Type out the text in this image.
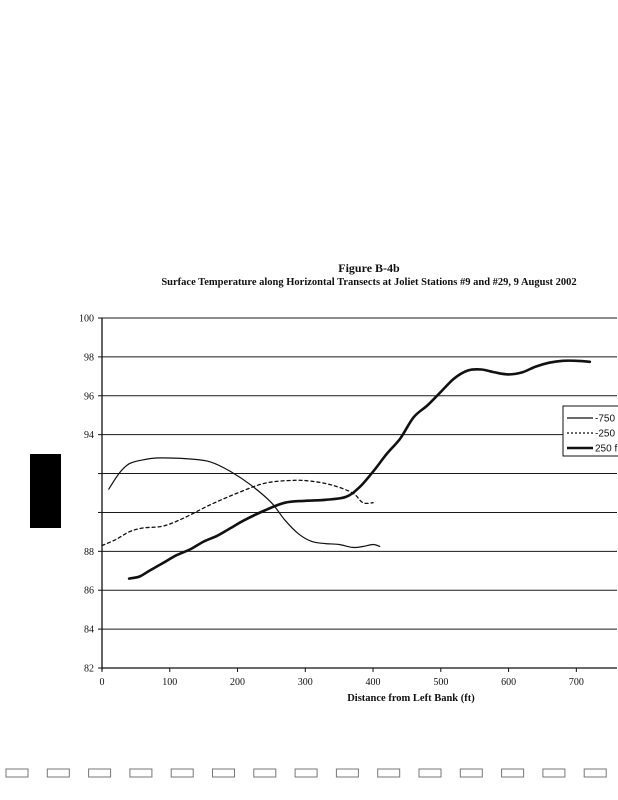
Figure B-4b
Surface Temperature along Horizontal Transects at Joliet Stations #9 and #29, 9 August 2002
100
98
96
94
88
86
84
82
0	100	200	300	400	500	600	700
-750
-250
250 f
Distance from Left Bank (ft)
